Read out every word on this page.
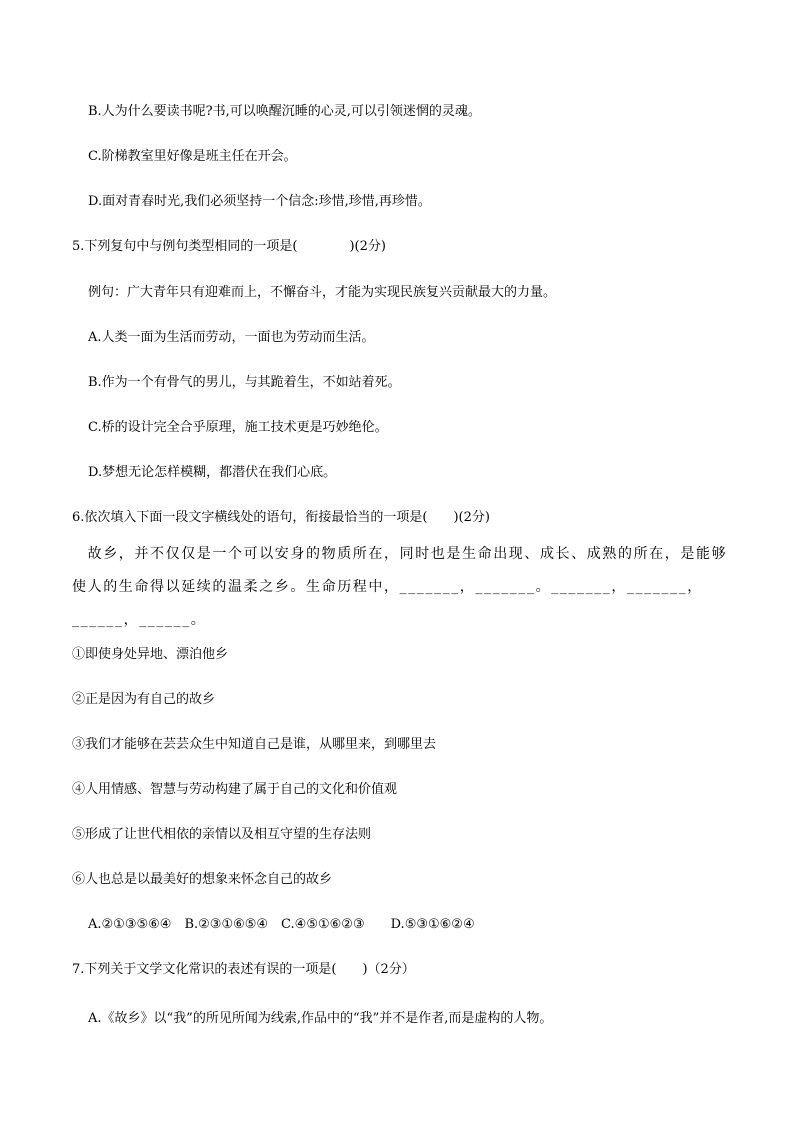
B.人为什么要读书呢?书,可以唤醒沉睡的心灵,可以引领迷惘的灵魂。
C.阶梯教室里好像是班主任在开会。
D.面对青春时光,我们必须坚持一个信念:珍惜,珍惜,再珍惜。
5.下列复句中与例句类型相同的一项是(　　　　)(2分)
例句：广大青年只有迎难而上，不懈奋斗，才能为实现民族复兴贡献最大的力量。
A.人类一面为生活而劳动，一面也为劳动而生活。
B.作为一个有骨气的男儿，与其跪着生，不如站着死。
C.桥的设计完全合乎原理，施工技术更是巧妙绝伦。
D.梦想无论怎样模糊，都潜伏在我们心底。
6.依次填入下面一段文字横线处的语句，衔接最恰当的一项是(　　)(2分)
　故乡，并不仅仅是一个可以安身的物质所在，同时也是生命出现、成长、成熟的所在，是能够
使人的生命得以延续的温柔之乡。生命历程中，_______，_______。_______，_______，
______，______。
①即使身处异地、漂泊他乡
②正是因为有自己的故乡
③我们才能够在芸芸众生中知道自己是谁，从哪里来，到哪里去
④人用情感、智慧与劳动构建了属于自己的文化和价值观
⑤形成了让世代相依的亲情以及相互守望的生存法则
⑥人也总是以最美好的想象来怀念自己的故乡
A.②①③⑤⑥④　B.②③①⑥⑤④　C.④⑤①⑥②③　　D.⑤③①⑥②④
7.下列关于文学文化常识的表述有误的一项是(　　)（2分）
A.《故乡》以“我”的所见所闻为线索,作品中的“我”并不是作者,而是虚构的人物。
